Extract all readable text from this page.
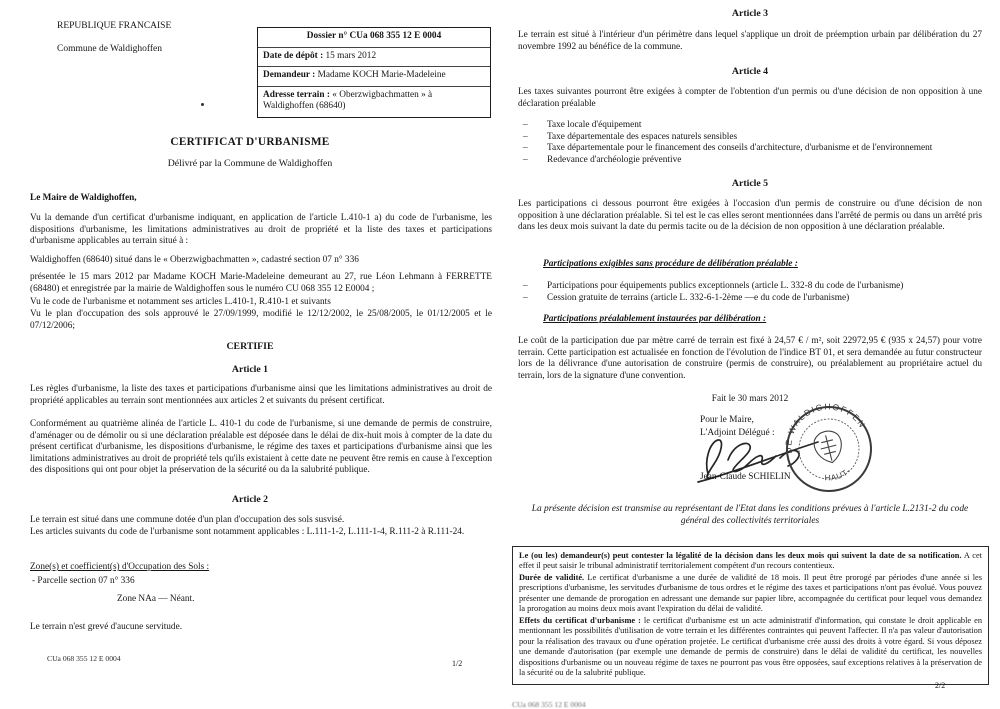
REPUBLIQUE FRANCAISE
Commune de Waldighoffen
Dossier n° CUa 068 355 12 E 0004
Date de dépôt : 15 mars 2012
Demandeur : Madame KOCH Marie-Madeleine
Adresse terrain : « Oberzwigbachmatten » à Waldighoffen (68640)
CERTIFICAT D'URBANISME
Délivré par la Commune de Waldighoffen
Le Maire de Waldighoffen,
Vu la demande d'un certificat d'urbanisme indiquant, en application de l'article L.410-1 a) du code de l'urbanisme, les dispositions d'urbanisme, les limitations administratives au droit de propriété et la liste des taxes et participations d'urbanisme applicables au terrain situé à :
Waldighoffen (68640) situé dans le « Oberzwigbachmatten », cadastré section 07 n° 336
présentée le 15 mars 2012 par Madame KOCH Marie-Madeleine demeurant au 27, rue Léon Lehmann à FERRETTE (68480) et enregistrée par la mairie de Waldighoffen sous le numéro CU 068 355 12 E0004 ;
Vu le code de l'urbanisme et notamment ses articles L.410-1, R.410-1 et suivants
Vu le plan d'occupation des sols approuvé le 27/09/1999, modifié le 12/12/2002, le 25/08/2005, le 01/12/2005 et le 07/12/2006;
CERTIFIE
Article 1
Les règles d'urbanisme, la liste des taxes et participations d'urbanisme ainsi que les limitations administratives au droit de propriété applicables au terrain sont mentionnées aux articles 2 et suivants du présent certificat.
Conformément au quatrième alinéa de l'article L. 410-1 du code de l'urbanisme, si une demande de permis de construire, d'aménager ou de démolir ou si une déclaration préalable est déposée dans le délai de dix-huit mois à compter de la date du présent certificat d'urbanisme, les dispositions d'urbanisme, le régime des taxes et participations d'urbanisme ainsi que les limitations administratives au droit de propriété tels qu'ils existaient à cette date ne peuvent être remis en cause à l'exception des dispositions qui ont pour objet la préservation de la sécurité ou da la salubrité publique.
Article 2
Le terrain est situé dans une commune dotée d'un plan d'occupation des sols susvisé.
Les articles suivants du code de l'urbanisme sont notamment applicables : L.111-1-2, L.111-1-4, R.111-2 à R.111-24.
Zone(s) et coefficient(s) d'Occupation des Sols :
- Parcelle section 07 n° 336
Zone NAa — Néant.
Le terrain n'est grevé d'aucune servitude.
CUa 068 355 12 E 0004
1/2
Article 3
Le terrain est situé à l'intérieur d'un périmètre dans lequel s'applique un droit de préemption urbain par délibération du 27 novembre 1992 au bénéfice de la commune.
Article 4
Les taxes suivantes pourront être exigées à compter de l'obtention d'un permis ou d'une décision de non opposition à une déclaration préalable
– Taxe locale d'équipement
– Taxe départementale des espaces naturels sensibles
– Taxe départementale pour le financement des conseils d'architecture, d'urbanisme et de l'environnement
– Redevance d'archéologie préventive
Article 5
Les participations ci dessous pourront être exigées à l'occasion d'un permis de construire ou d'une décision de non opposition à une déclaration préalable. Si tel est le cas elles seront mentionnées dans l'arrêté de permis ou dans un arrêté pris dans les deux mois suivant la date du permis tacite ou de la décision de non opposition à une déclaration préalable.
Participations exigibles sans procédure de délibération préalable :
– Participations pour équipements publics exceptionnels (article L. 332-8 du code de l'urbanisme)
– Cession gratuite de terrains (article L. 332-6-1-2ème —e du code de l'urbanisme)
Participations préalablement instaurées par délibération :
Le coût de la participation due par mètre carré de terrain est fixé à 24,57 € / m², soit 22972,95 € (935 x 24,57) pour votre terrain. Cette participation est actualisée en fonction de l'évolution de l'indice BT 01, et sera demandée au futur constructeur lors de la délivrance d'une autorisation de construire (permis de construire), ou préalablement au propriétaire actuel du terrain, lors de la signature d'une convention.
Fait le 30 mars 2012
Pour le Maire,
L'Adjoint Délégué :
DE WALDIGHOFFEN
HAUT-
Jean-Claude SCHIELIN
La présente décision est transmise au représentant de l'Etat dans les conditions prévues à l'article L.2131-2 du code général des collectivités territoriales

Le (ou les) demandeur(s) peut contester la légalité de la décision dans les deux mois qui suivent la date de sa notification. A cet effet il peut saisir le tribunal administratif territorialement compétent d'un recours contentieux.

Durée de validité. Le certificat d'urbanisme a une durée de validité de 18 mois. Il peut être prorogé par périodes d'une année si les prescriptions d'urbanisme, les servitudes d'urbanisme de tous ordres et le régime des taxes et participations n'ont pas évolué. Vous pouvez présenter une demande de prorogation en adressant une demande sur papier libre, accompagnée du certificat pour lequel vous demandez la prorogation au moins deux mois avant l'expiration du délai de validité.

Effets du certificat d'urbanisme : le certificat d'urbanisme est un acte administratif d'information, qui constate le droit applicable en mentionnant les possibilités d'utilisation de votre terrain et les différentes contraintes qui peuvent l'affecter. Il n'a pas valeur d'autorisation pour la réalisation des travaux ou d'une opération projetée. Le certificat d'urbanisme crée aussi des droits à votre égard. Si vous déposez une demande d'autorisation (par exemple une demande de permis de construire) dans le délai de validité du certificat, les nouvelles dispositions d'urbanisme ou un nouveau régime de taxes ne pourront pas vous être opposées, sauf exceptions relatives à la préservation de la sécurité ou de la salubrité publique.

2/2
CUa 068 355 12 E 0004
